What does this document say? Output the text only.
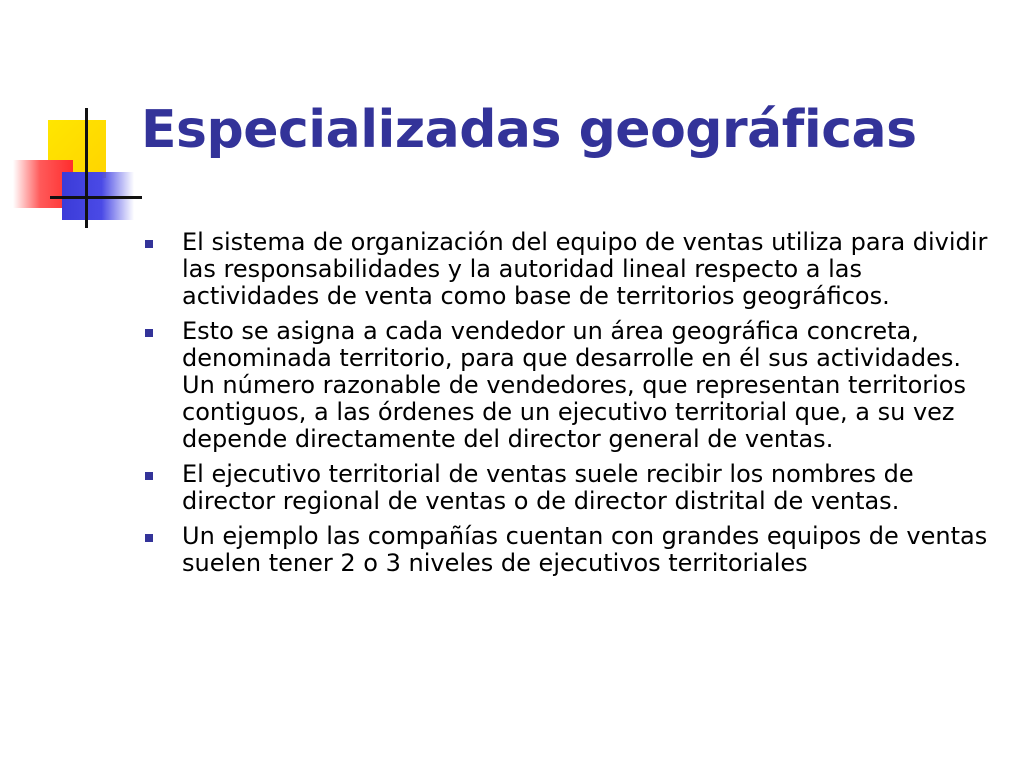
Especializadas geográficas
El sistema de organización del equipo de ventas utiliza para dividir las responsabilidades y la autoridad lineal respecto a las actividades de venta como base de territorios geográficos.
Esto se asigna a cada vendedor un área geográfica concreta, denominada territorio, para que desarrolle en él sus actividades. Un número razonable de vendedores, que representan territorios contiguos, a las órdenes de un ejecutivo territorial que, a su vez depende directamente del director general de ventas.
El ejecutivo territorial de ventas suele recibir los nombres de director regional de ventas o de director distrital de ventas.
Un ejemplo las compañías cuentan con grandes equipos de ventas suelen tener 2 o 3 niveles de ejecutivos territoriales
